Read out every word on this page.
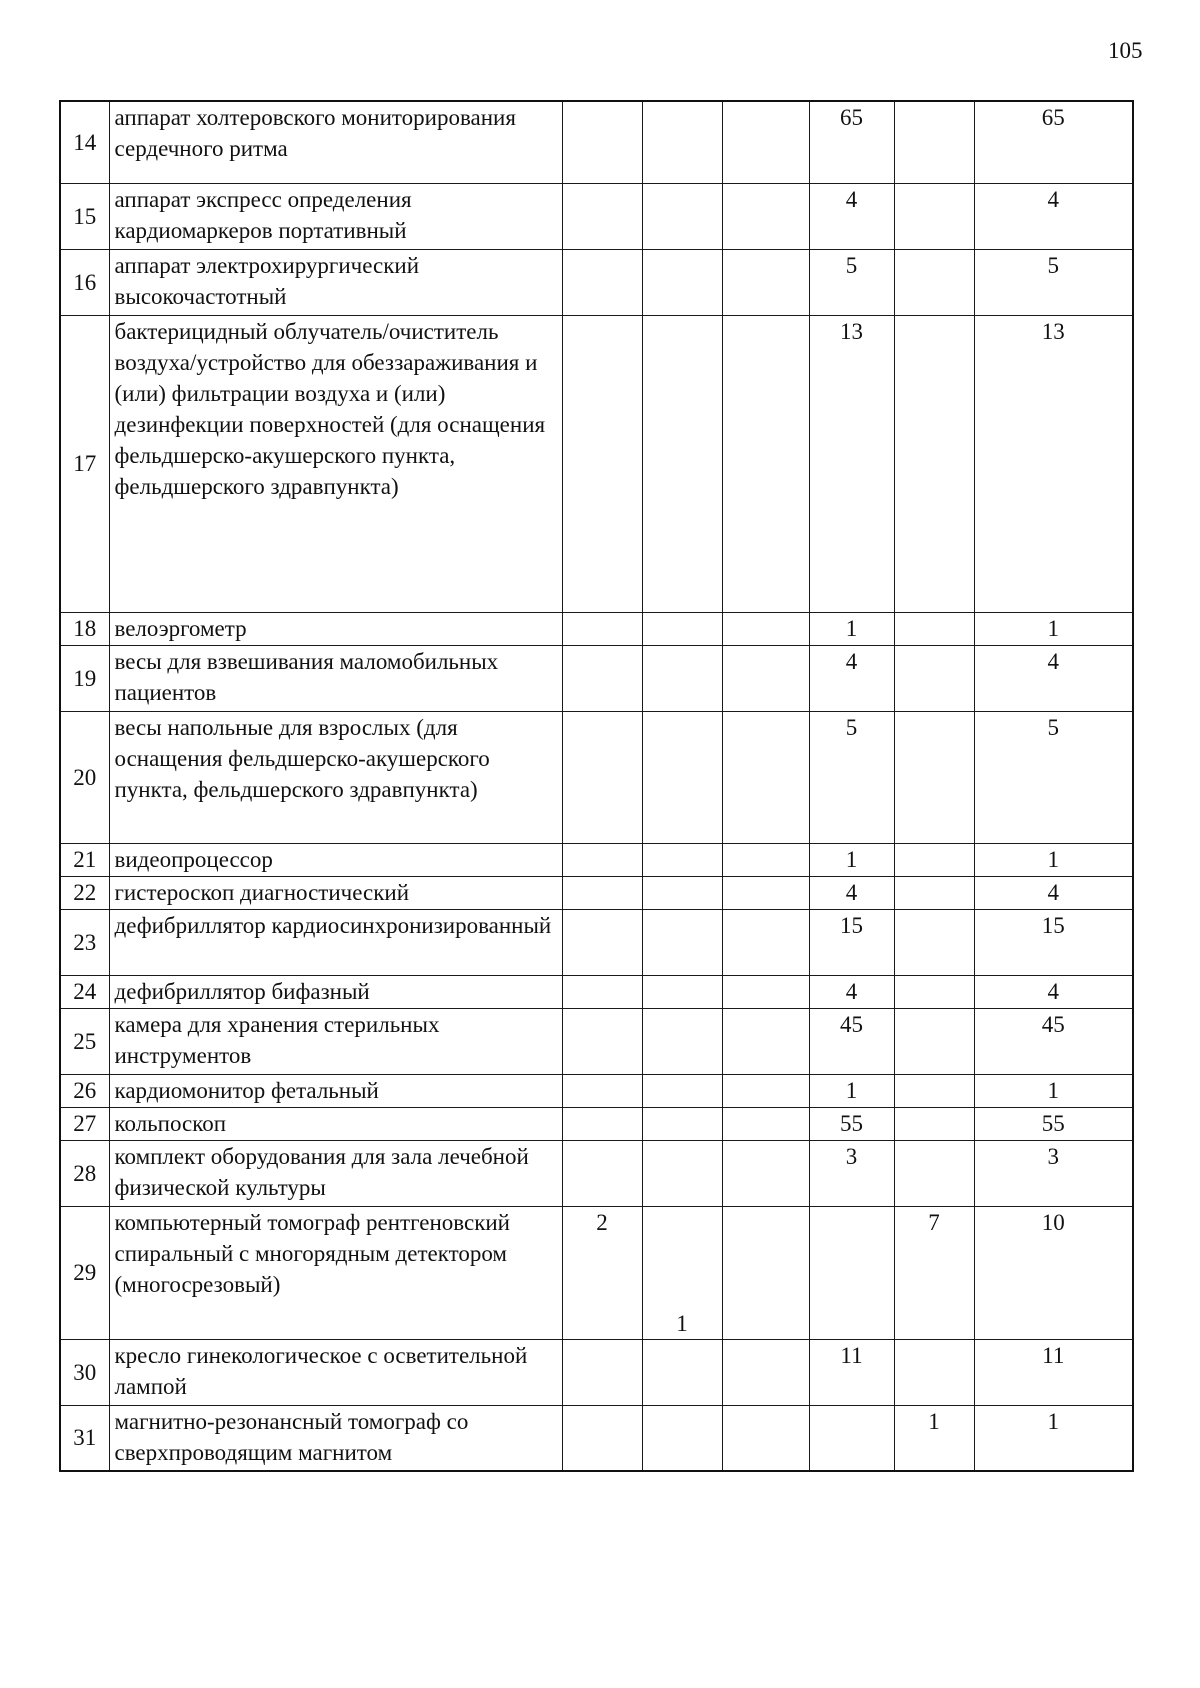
105
14	аппарат холтеровского мониторирования сердечного ритма				65		65
15	аппарат экспресс определения кардиомаркеров портативный				4		4
16	аппарат электрохирургический высокочастотный				5		5
17	бактерицидный облучатель/очиститель воздуха/устройство для обеззараживания и (или) фильтрации воздуха и (или) дезинфекции поверхностей (для оснащения фельдшерско-акушерского пункта, фельдшерского здравпункта)				13		13
18	велоэргометр				1		1
19	весы для взвешивания маломобильных пациентов				4		4
20	весы напольные для взрослых (для оснащения фельдшерско-акушерского пункта, фельдшерского здравпункта)				5		5
21	видеопроцессор				1		1
22	гистероскоп диагностический				4		4
23	дефибриллятор кардиосинхронизированный				15		15
24	дефибриллятор бифазный				4		4
25	камера для хранения стерильных инструментов				45		45
26	кардиомонитор фетальный				1		1
27	кольпоскоп				55		55
28	комплект оборудования для зала лечебной физической культуры				3		3
29	компьютерный томограф рентгеновский спиральный с многорядным детектором (многосрезовый)	2	1			7	10
30	кресло гинекологическое с осветительной лампой				11		11
31	магнитно-резонансный томограф со сверхпроводящим магнитом					1	1
